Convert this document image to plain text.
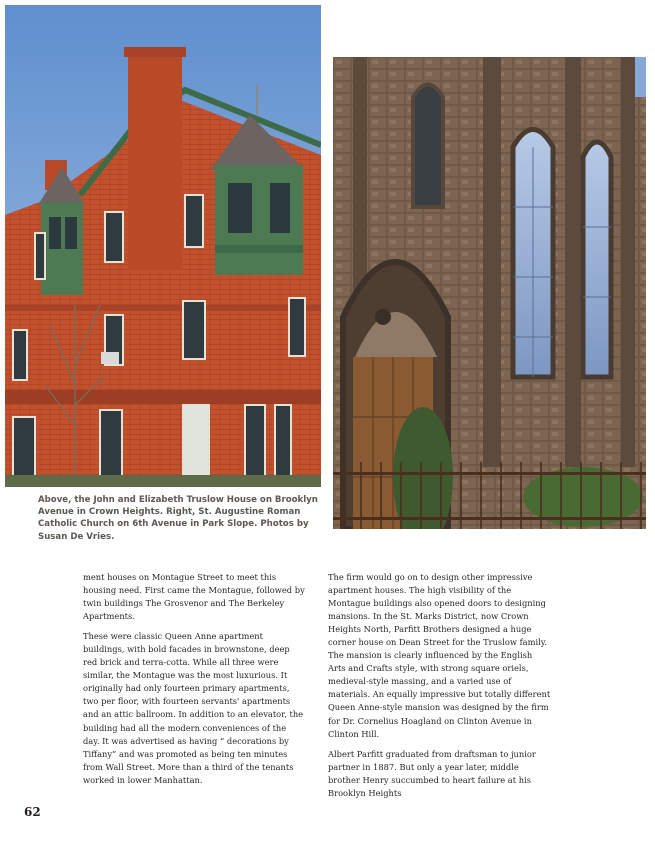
Above, the John and Elizabeth Truslow House on Brooklyn Avenue in Crown Heights. Right, St. Augustine Roman Catholic Church on 6th Avenue in Park Slope. Photos by Susan De Vries.

ment houses on Montague Street to meet this housing need. First came the Montague, followed by twin buildings The Grosvenor and The Berkeley Apartments.

These were classic Queen Anne apartment buildings, with bold facades in brownstone, deep red brick and terra-cotta. While all three were similar, the Montague was the most luxurious. It originally had only fourteen primary apartments, two per floor, with fourteen servants' apartments and an attic ballroom. In addition to an elevator, the building had all the modern conveniences of the day. It was advertised as having “ decorations by Tiffany” and was promoted as being ten minutes from Wall Street. More than a third of the tenants worked in lower Manhattan.

The firm would go on to design other impressive apartment houses. The high visibility of the Montague buildings also opened doors to designing mansions. In the St. Marks District, now Crown Heights North, Parfitt Brothers designed a huge corner house on Dean Street for the Truslow family. The mansion is clearly influenced by the English Arts and Crafts style, with strong square oriels, medieval-style massing, and a varied use of materials. An equally impressive but totally different Queen Anne-style mansion was designed by the firm for Dr. Cornelius Hoagland on Clinton Avenue in Clinton Hill.

Albert Parfitt graduated from draftsman to junior partner in 1887. But only a year later, middle brother Henry succumbed to heart failure at his Brooklyn Heights

62
